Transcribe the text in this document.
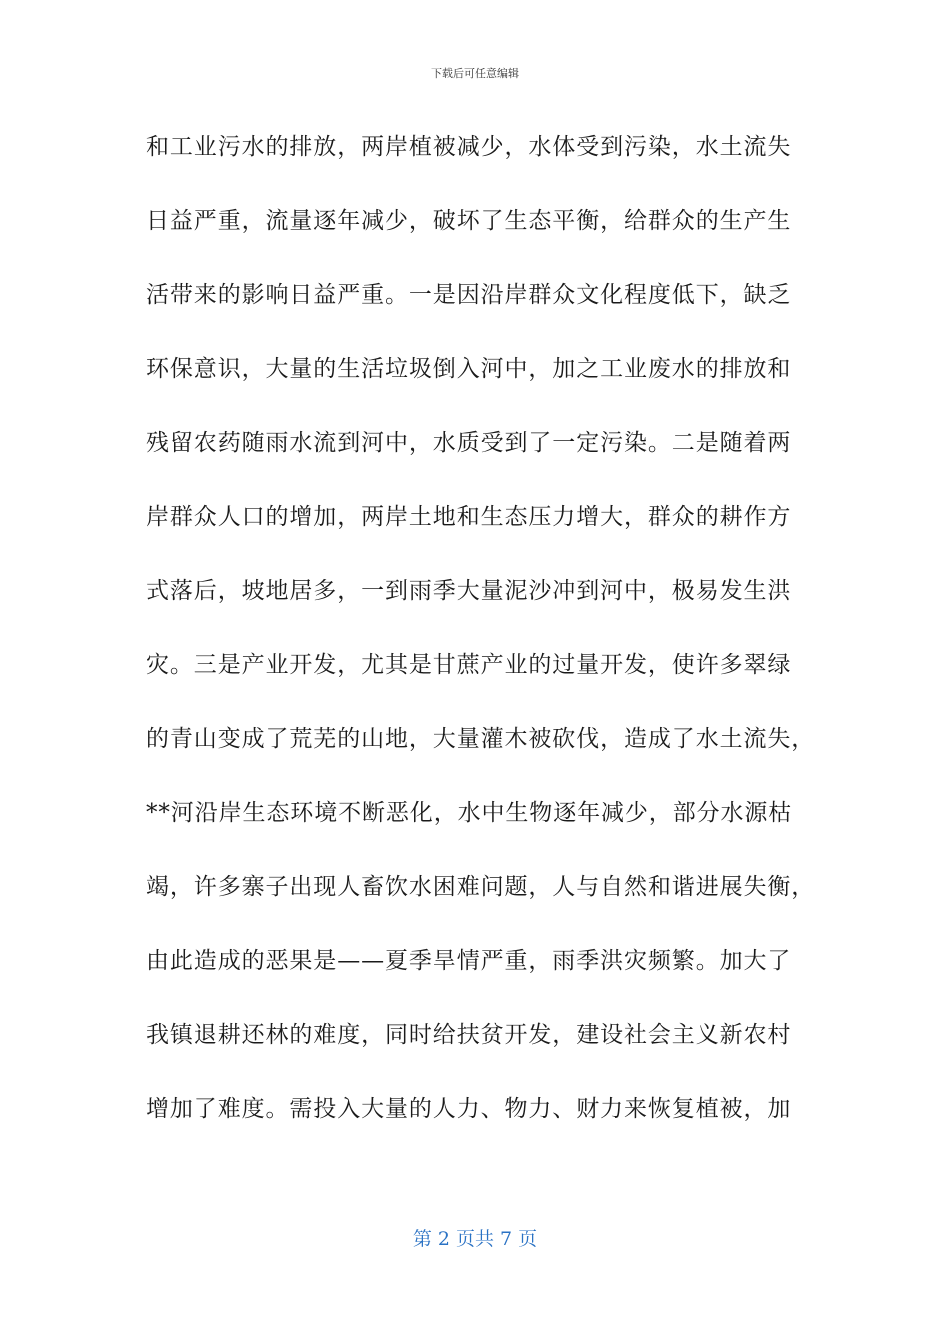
下载后可任意编辑
和工业污水的排放，两岸植被减少，水体受到污染，水土流失
日益严重，流量逐年减少，破坏了生态平衡，给群众的生产生
活带来的影响日益严重。一是因沿岸群众文化程度低下，缺乏
环保意识，大量的生活垃圾倒入河中，加之工业废水的排放和
残留农药随雨水流到河中，水质受到了一定污染。二是随着两
岸群众人口的增加，两岸土地和生态压力增大，群众的耕作方
式落后，坡地居多，一到雨季大量泥沙冲到河中，极易发生洪
灾。三是产业开发，尤其是甘蔗产业的过量开发，使许多翠绿
的青山变成了荒芜的山地，大量灌木被砍伐，造成了水土流失，
**河沿岸生态环境不断恶化，水中生物逐年减少，部分水源枯
竭，许多寨子出现人畜饮水困难问题，人与自然和谐进展失衡，
由此造成的恶果是——夏季旱情严重，雨季洪灾频繁。加大了
我镇退耕还林的难度，同时给扶贫开发，建设社会主义新农村
增加了难度。需投入大量的人力、物力、财力来恢复植被，加
第 2 页共 7 页
